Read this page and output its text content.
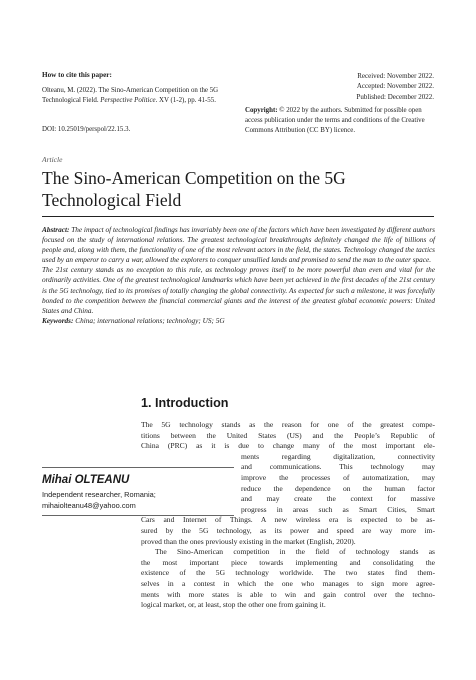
How to cite this paper:
Olteanu, M. (2022). The Sino-American Competition on the 5G Technological Field. Perspective Politice. XV (1-2), pp. 41-55.
DOI: 10.25019/perspol/22.15.3.
Received: November 2022.
Accepted: November 2022.
Published: December 2022.
Copyright: © 2022 by the authors. Submitted for possible open access publication under the terms and conditions of the Creative Commons Attribution (CC BY) licence.
Article
The Sino-American Competition on the 5G Technological Field

Abstract: The impact of technological findings has invariably been one of the factors which have been investigated by different authors focused on the study of international relations. The greatest technological breakthroughs definitely changed the life of billions of people and, along with them, the functionality of one of the most relevant actors in the field, the states. Technology changed the tactics used by an emperor to carry a war, allowed the explorers to conquer unsullied lands and promised to send the man to the outer space.

The 21st century stands as no exception to this rule, as technology proves itself to be more powerful than even and vital for the ordinarily activities. One of the greatest technological landmarks which have been yet achieved in the first decades of the 21st century is the 5G technology, tied to its promises of totally changing the global connectivity. As expected for such a milestone, it was forcefully bonded to the competition between the financial commercial giants and the interest of the greatest global economic powers: United States and China.

Keywords: China; international relations; technology; US; 5G

1. Introduction
The 5G technology stands as the reason for one of the greatest compe-
titions between the United States (US) and the People’s Republic of
China (PRC) as it is due to change many of the most important ele-
ments regarding digitalization, connectivity
and communications. This technology may
improve the processes of automatization, may
reduce the dependence on the human factor
and may create the context for massive
progress in areas such as Smart Cities, Smart
Cars and Internet of Things. A new wireless era is expected to be as-
sured by the 5G technology, as its power and speed are way more im-
proved than the ones previously existing in the market (English, 2020).
The Sino-American competition in the field of technology stands as
the most important piece towards implementing and consolidating the
existence of the 5G technology worldwide. The two states find them-
selves in a contest in which the one who manages to sign more agree-
ments with more states is able to win and gain control over the techno-
logical market, or, at least, stop the other one from gaining it.
Mihai OLTEANU
Independent researcher, Romania;
mihaiolteanu48@yahoo.com
